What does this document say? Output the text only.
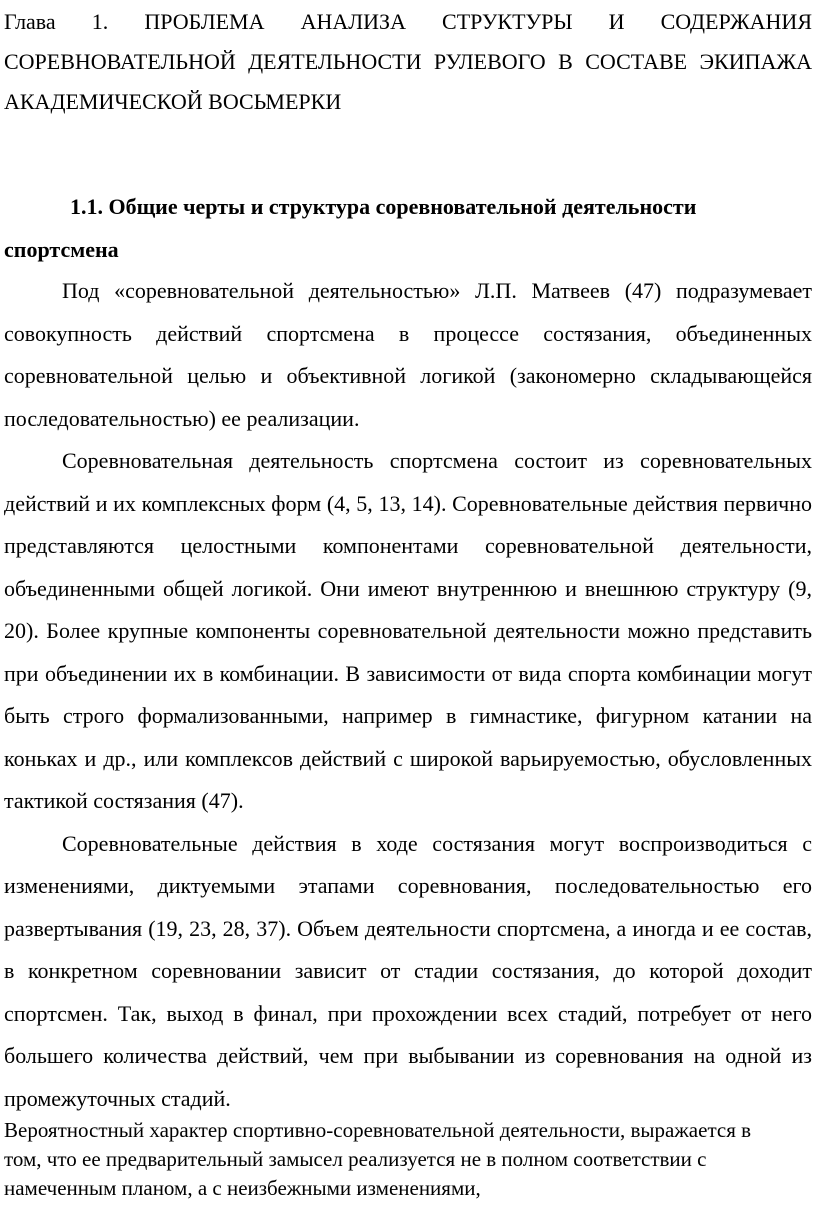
Глава 1. ПРОБЛЕМА АНАЛИЗА СТРУКТУРЫ И СОДЕРЖАНИЯ СОРЕВНОВАТЕЛЬНОЙ ДЕЯТЕЛЬНОСТИ РУЛЕВОГО В СОСТАВЕ ЭКИПАЖА АКАДЕМИЧЕСКОЙ ВОСЬМЕРКИ
1.1. Общие черты и структура соревновательной деятельности спортсмена

Под «соревновательной деятельностью» Л.П. Матвеев (47) подразумевает совокупность действий спортсмена в процессе состязания, объединенных соревновательной целью и объективной логикой (закономерно складывающейся последовательностью) ее реализации.

Соревновательная деятельность спортсмена состоит из соревновательных действий и их комплексных форм (4, 5, 13, 14). Соревновательные действия первично представляются целостными компонентами соревновательной деятельности, объединенными общей логикой. Они имеют внутреннюю и внешнюю структуру (9, 20). Более крупные компоненты соревновательной деятельности можно представить при объединении их в комбинации. В зависимости от вида спорта комбинации могут быть строго формализованными, например в гимнастике, фигурном катании на коньках и др., или комплексов действий с широкой варьируемостью, обусловленных тактикой состязания (47).

Соревновательные действия в ходе состязания могут воспроизводиться с изменениями, диктуемыми этапами соревнования, последовательностью его развертывания (19, 23, 28, 37). Объем деятельности спортсмена, а иногда и ее состав, в конкретном соревновании зависит от стадии состязания, до которой доходит спортсмен. Так, выход в финал, при прохождении всех стадий, потребует от него большего количества действий, чем при выбывании из соревнования на одной из промежуточных стадий.

Вероятностный характер спортивно-соревновательной деятельности, выражается в том, что ее предварительный замысел реализуется не в полном соответствии с намеченным планом, а с неизбежными изменениями,
